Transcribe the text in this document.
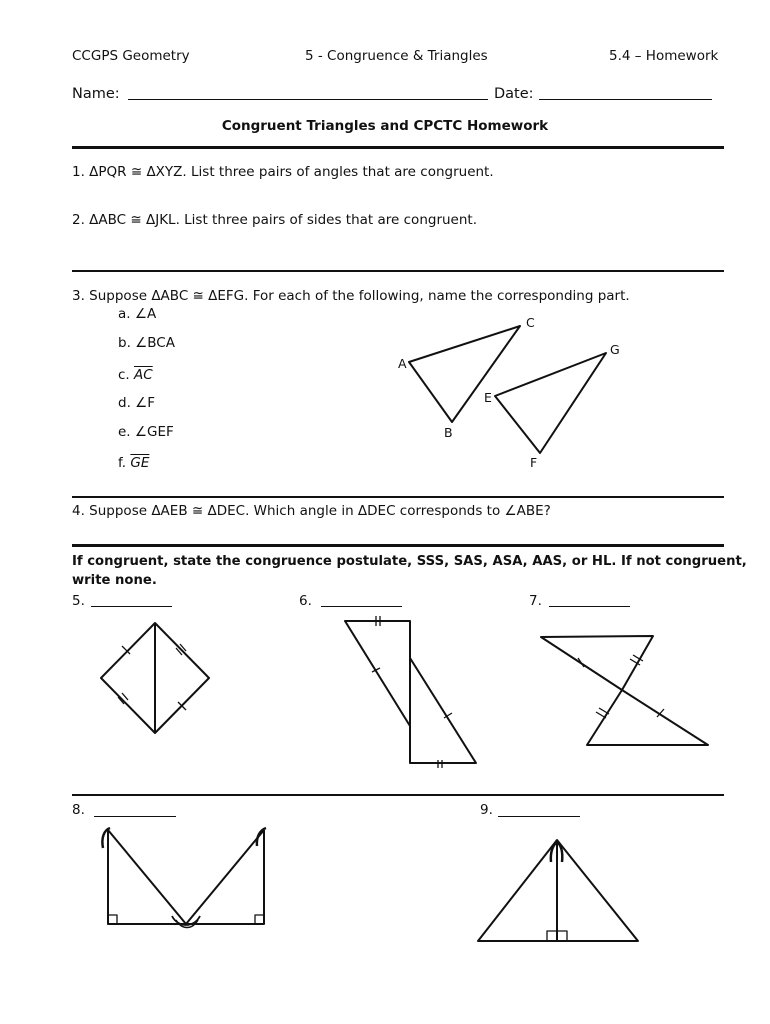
CCGPS Geometry	5 - Congruence & Triangles	5.4 – Homework
Name:	Date:
Congruent Triangles and CPCTC Homework
1. ΔPQR ≅ ΔXYZ. List three pairs of angles that are congruent.
2. ΔABC ≅ ΔJKL. List three pairs of sides that are congruent.
3. Suppose ΔABC ≅ ΔEFG. For each of the following, name the corresponding part.
a. ∠A
b. ∠BCA
c. $\overline{AC}$
d. ∠F
e. ∠GEF
f. $\overline{GE}$
A
B
C
E
F
G
4. Suppose ΔAEB ≅ ΔDEC. Which angle in ΔDEC corresponds to ∠ABE?
If congruent, state the congruence postulate, SSS, SAS, ASA, AAS, or HL. If not congruent,
write none.
5.	6.	7.
8.	9.
